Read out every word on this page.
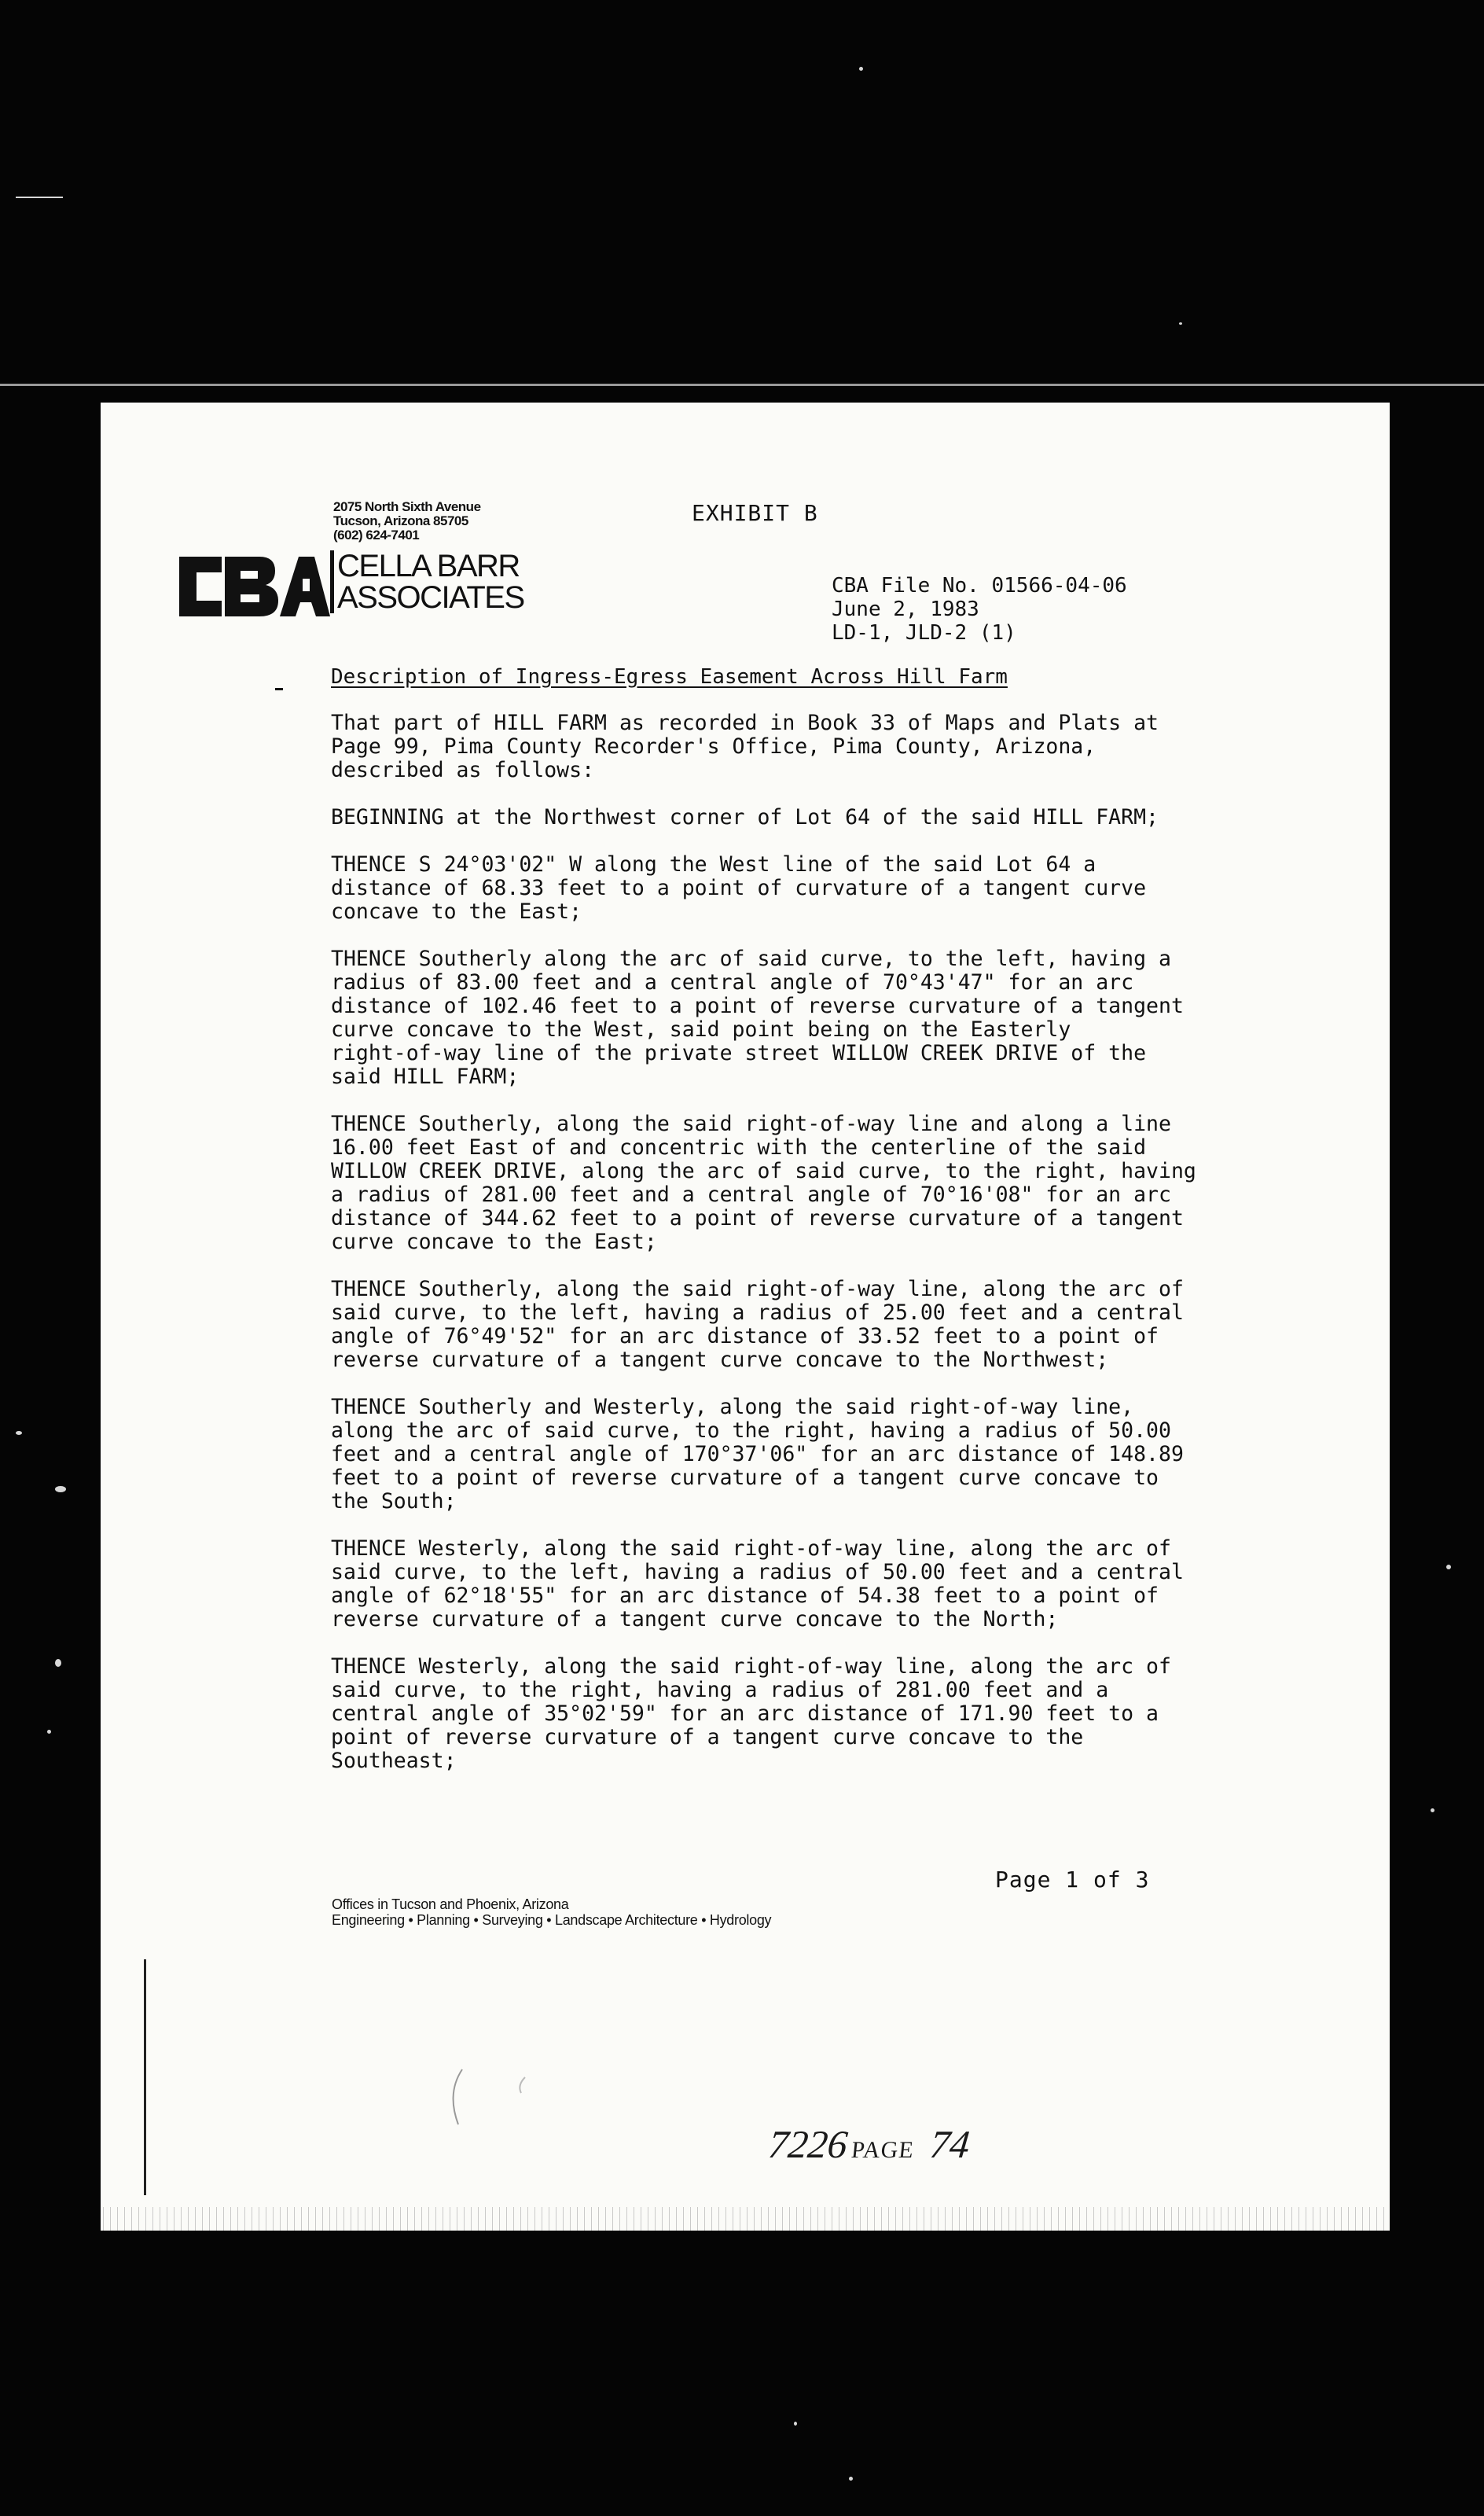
2075 North Sixth Avenue
Tucson, Arizona 85705
(602) 624-7401
CELLA BARR
ASSOCIATES
EXHIBIT B
CBA File No. 01566-04-06
June 2, 1983
LD-1, JLD-2 (1)
Description of Ingress-Egress Easement Across Hill Farm

That part of HILL FARM as recorded in Book 33 of Maps and Plats at
Page 99, Pima County Recorder's Office, Pima County, Arizona,
described as follows:

BEGINNING at the Northwest corner of Lot 64 of the said HILL FARM;

THENCE S 24°03'02" W along the West line of the said Lot 64 a
distance of 68.33 feet to a point of curvature of a tangent curve
concave to the East;

THENCE Southerly along the arc of said curve, to the left, having a
radius of 83.00 feet and a central angle of 70°43'47" for an arc
distance of 102.46 feet to a point of reverse curvature of a tangent
curve concave to the West, said point being on the Easterly
right-of-way line of the private street WILLOW CREEK DRIVE of the
said HILL FARM;

THENCE Southerly, along the said right-of-way line and along a line
16.00 feet East of and concentric with the centerline of the said
WILLOW CREEK DRIVE, along the arc of said curve, to the right, having
a radius of 281.00 feet and a central angle of 70°16'08" for an arc
distance of 344.62 feet to a point of reverse curvature of a tangent
curve concave to the East;

THENCE Southerly, along the said right-of-way line, along the arc of
said curve, to the left, having a radius of 25.00 feet and a central
angle of 76°49'52" for an arc distance of 33.52 feet to a point of
reverse curvature of a tangent curve concave to the Northwest;

THENCE Southerly and Westerly, along the said right-of-way line,
along the arc of said curve, to the right, having a radius of 50.00
feet and a central angle of 170°37'06" for an arc distance of 148.89
feet to a point of reverse curvature of a tangent curve concave to
the South;

THENCE Westerly, along the said right-of-way line, along the arc of
said curve, to the left, having a radius of 50.00 feet and a central
angle of 62°18'55" for an arc distance of 54.38 feet to a point of
reverse curvature of a tangent curve concave to the North;

THENCE Westerly, along the said right-of-way line, along the arc of
said curve, to the right, having a radius of 281.00 feet and a
central angle of 35°02'59" for an arc distance of 171.90 feet to a
point of reverse curvature of a tangent curve concave to the
Southeast;

Page 1 of 3
Offices in Tucson and Phoenix, Arizona
Engineering • Planning • Surveying • Landscape Architecture • Hydrology
7226PAGE 74
